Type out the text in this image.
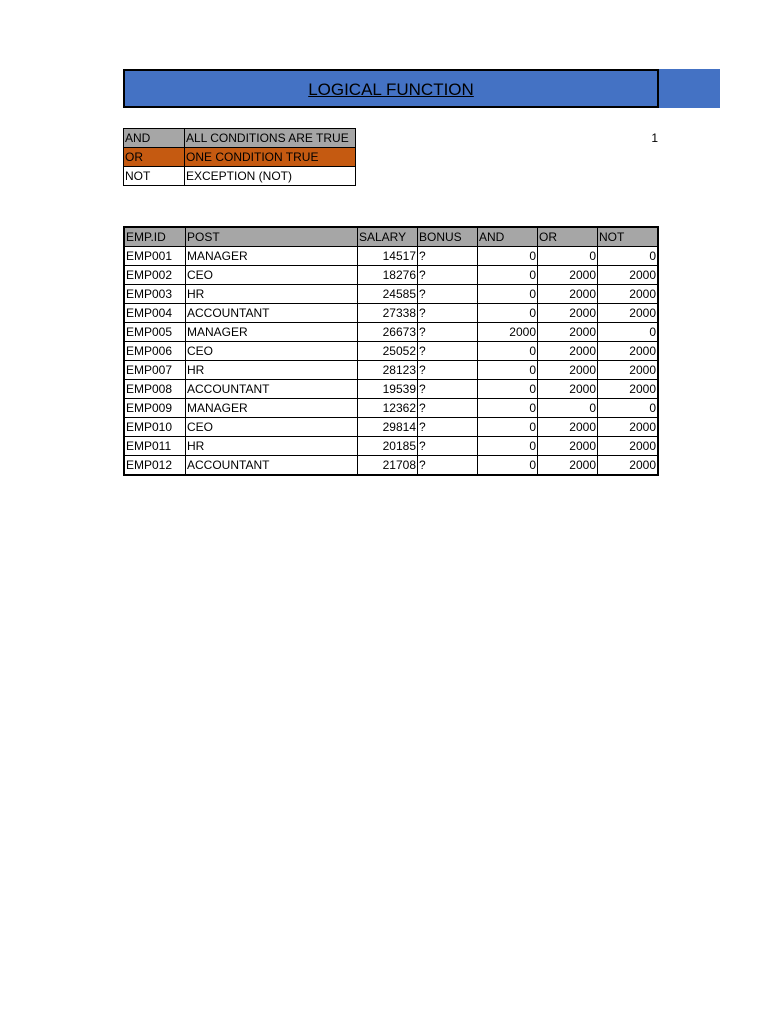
LOGICAL FUNCTION
1
AND	ALL CONDITIONS ARE TRUE
OR	ONE CONDITION TRUE
NOT	EXCEPTION (NOT)
EMP.ID	POST	SALARY	BONUS	AND	OR	NOT
EMP001	MANAGER	14517	?	0	0	0
EMP002	CEO	18276	?	0	2000	2000
EMP003	HR	24585	?	0	2000	2000
EMP004	ACCOUNTANT	27338	?	0	2000	2000
EMP005	MANAGER	26673	?	2000	2000	0
EMP006	CEO	25052	?	0	2000	2000
EMP007	HR	28123	?	0	2000	2000
EMP008	ACCOUNTANT	19539	?	0	2000	2000
EMP009	MANAGER	12362	?	0	0	0
EMP010	CEO	29814	?	0	2000	2000
EMP011	HR	20185	?	0	2000	2000
EMP012	ACCOUNTANT	21708	?	0	2000	2000
